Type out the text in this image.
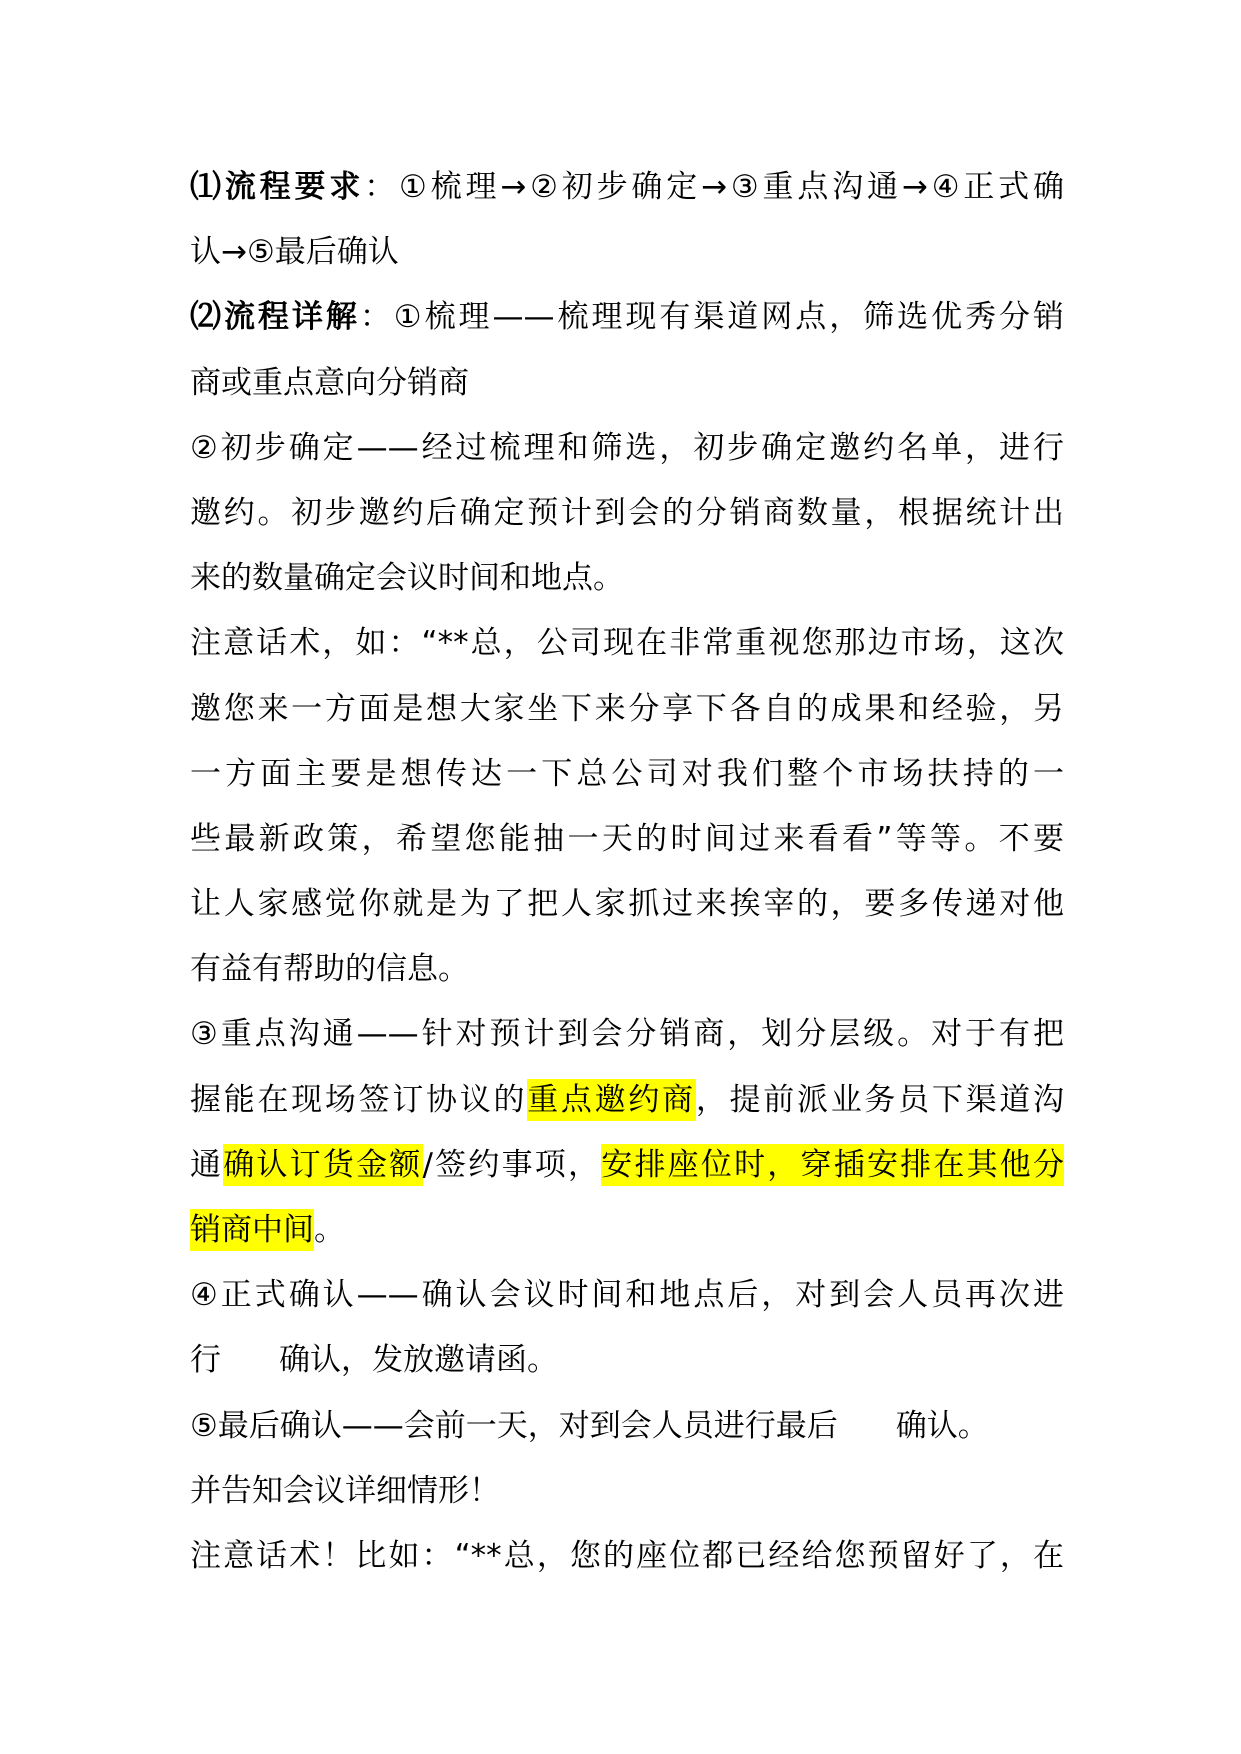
⑴流程要求：①梳理→②初步确定→③重点沟通→④正式确
认→⑤最后确认
⑵流程详解：①梳理——梳理现有渠道网点，筛选优秀分销
商或重点意向分销商
②初步确定——经过梳理和筛选，初步确定邀约名单，进行
邀约。初步邀约后确定预计到会的分销商数量，根据统计出
来的数量确定会议时间和地点。
注意话术，如：“**总，公司现在非常重视您那边市场，这次
邀您来一方面是想大家坐下来分享下各自的成果和经验，另
一方面主要是想传达一下总公司对我们整个市场扶持的一
些最新政策，希望您能抽一天的时间过来看看”等等。不要
让人家感觉你就是为了把人家抓过来挨宰的，要多传递对他
有益有帮助的信息。
③重点沟通——针对预计到会分销商，划分层级。对于有把
握能在现场签订协议的重点邀约商，提前派业务员下渠道沟
通确认订货金额/签约事项，安排座位时，穿插安排在其他分
销商中间。
④正式确认——确认会议时间和地点后，对到会人员再次进
行 确认，发放邀请函。
⑤最后确认——会前一天，对到会人员进行最后 确认。
并告知会议详细情形！
注意话术！比如：“**总，您的座位都已经给您预留好了，在
